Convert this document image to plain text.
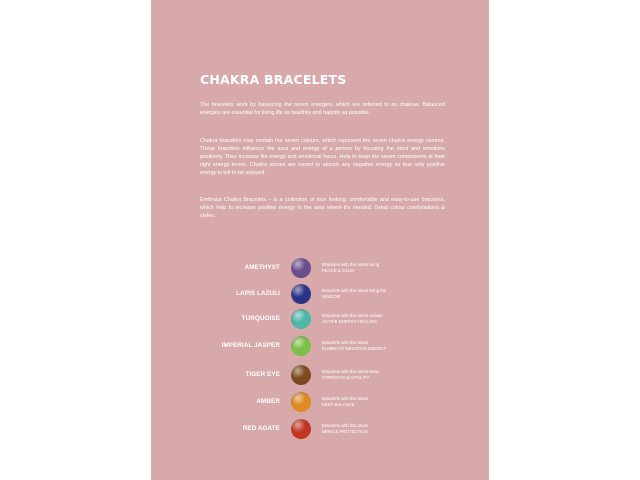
CHAKRA BRACELETS
The bracelets work by balancing the seven energies, which are referred to as chakras. Balanced energies are essential for living life as healthily and happily as possible.
Chakra bracelets may contain the seven colours, which represent the seven chakra energy centres. These bracelets influence the aura and energy of a person by focusing the mind and emotions positively. They increase life energy and emotional focus. Help to keep the seven components at their right energy levels. Chakra stones are meant to absorb any negative energy so that only positive energy is left to be enjoyed.
Embrace Chakra Bracelets – is a collection of nice looking, comfortable and easy-to-use bracelets, which help to increase positive energy in the area where it's needed. Great colour combinations & styles.
AMETHYST	Bracelets with this stone bring
PEACE & CALM
LAPIS LAZULI	Bracelets with this stone bring the
WISDOM
TURQUOISE	Bracelets with this stone radiate
ACTIVE ENERGY HEALING
IMPERIAL JASPER	Bracelets with this stone
ELIMINATE NEGATIVE ENERGY
TIGER EYE	Bracelets with this stone keep
STRENGTH & VITALITY
AMBER	Bracelets with this stone
KEEP BALANCE
RED AGATE	Bracelets with this stone
BRINGS PROTECTION
